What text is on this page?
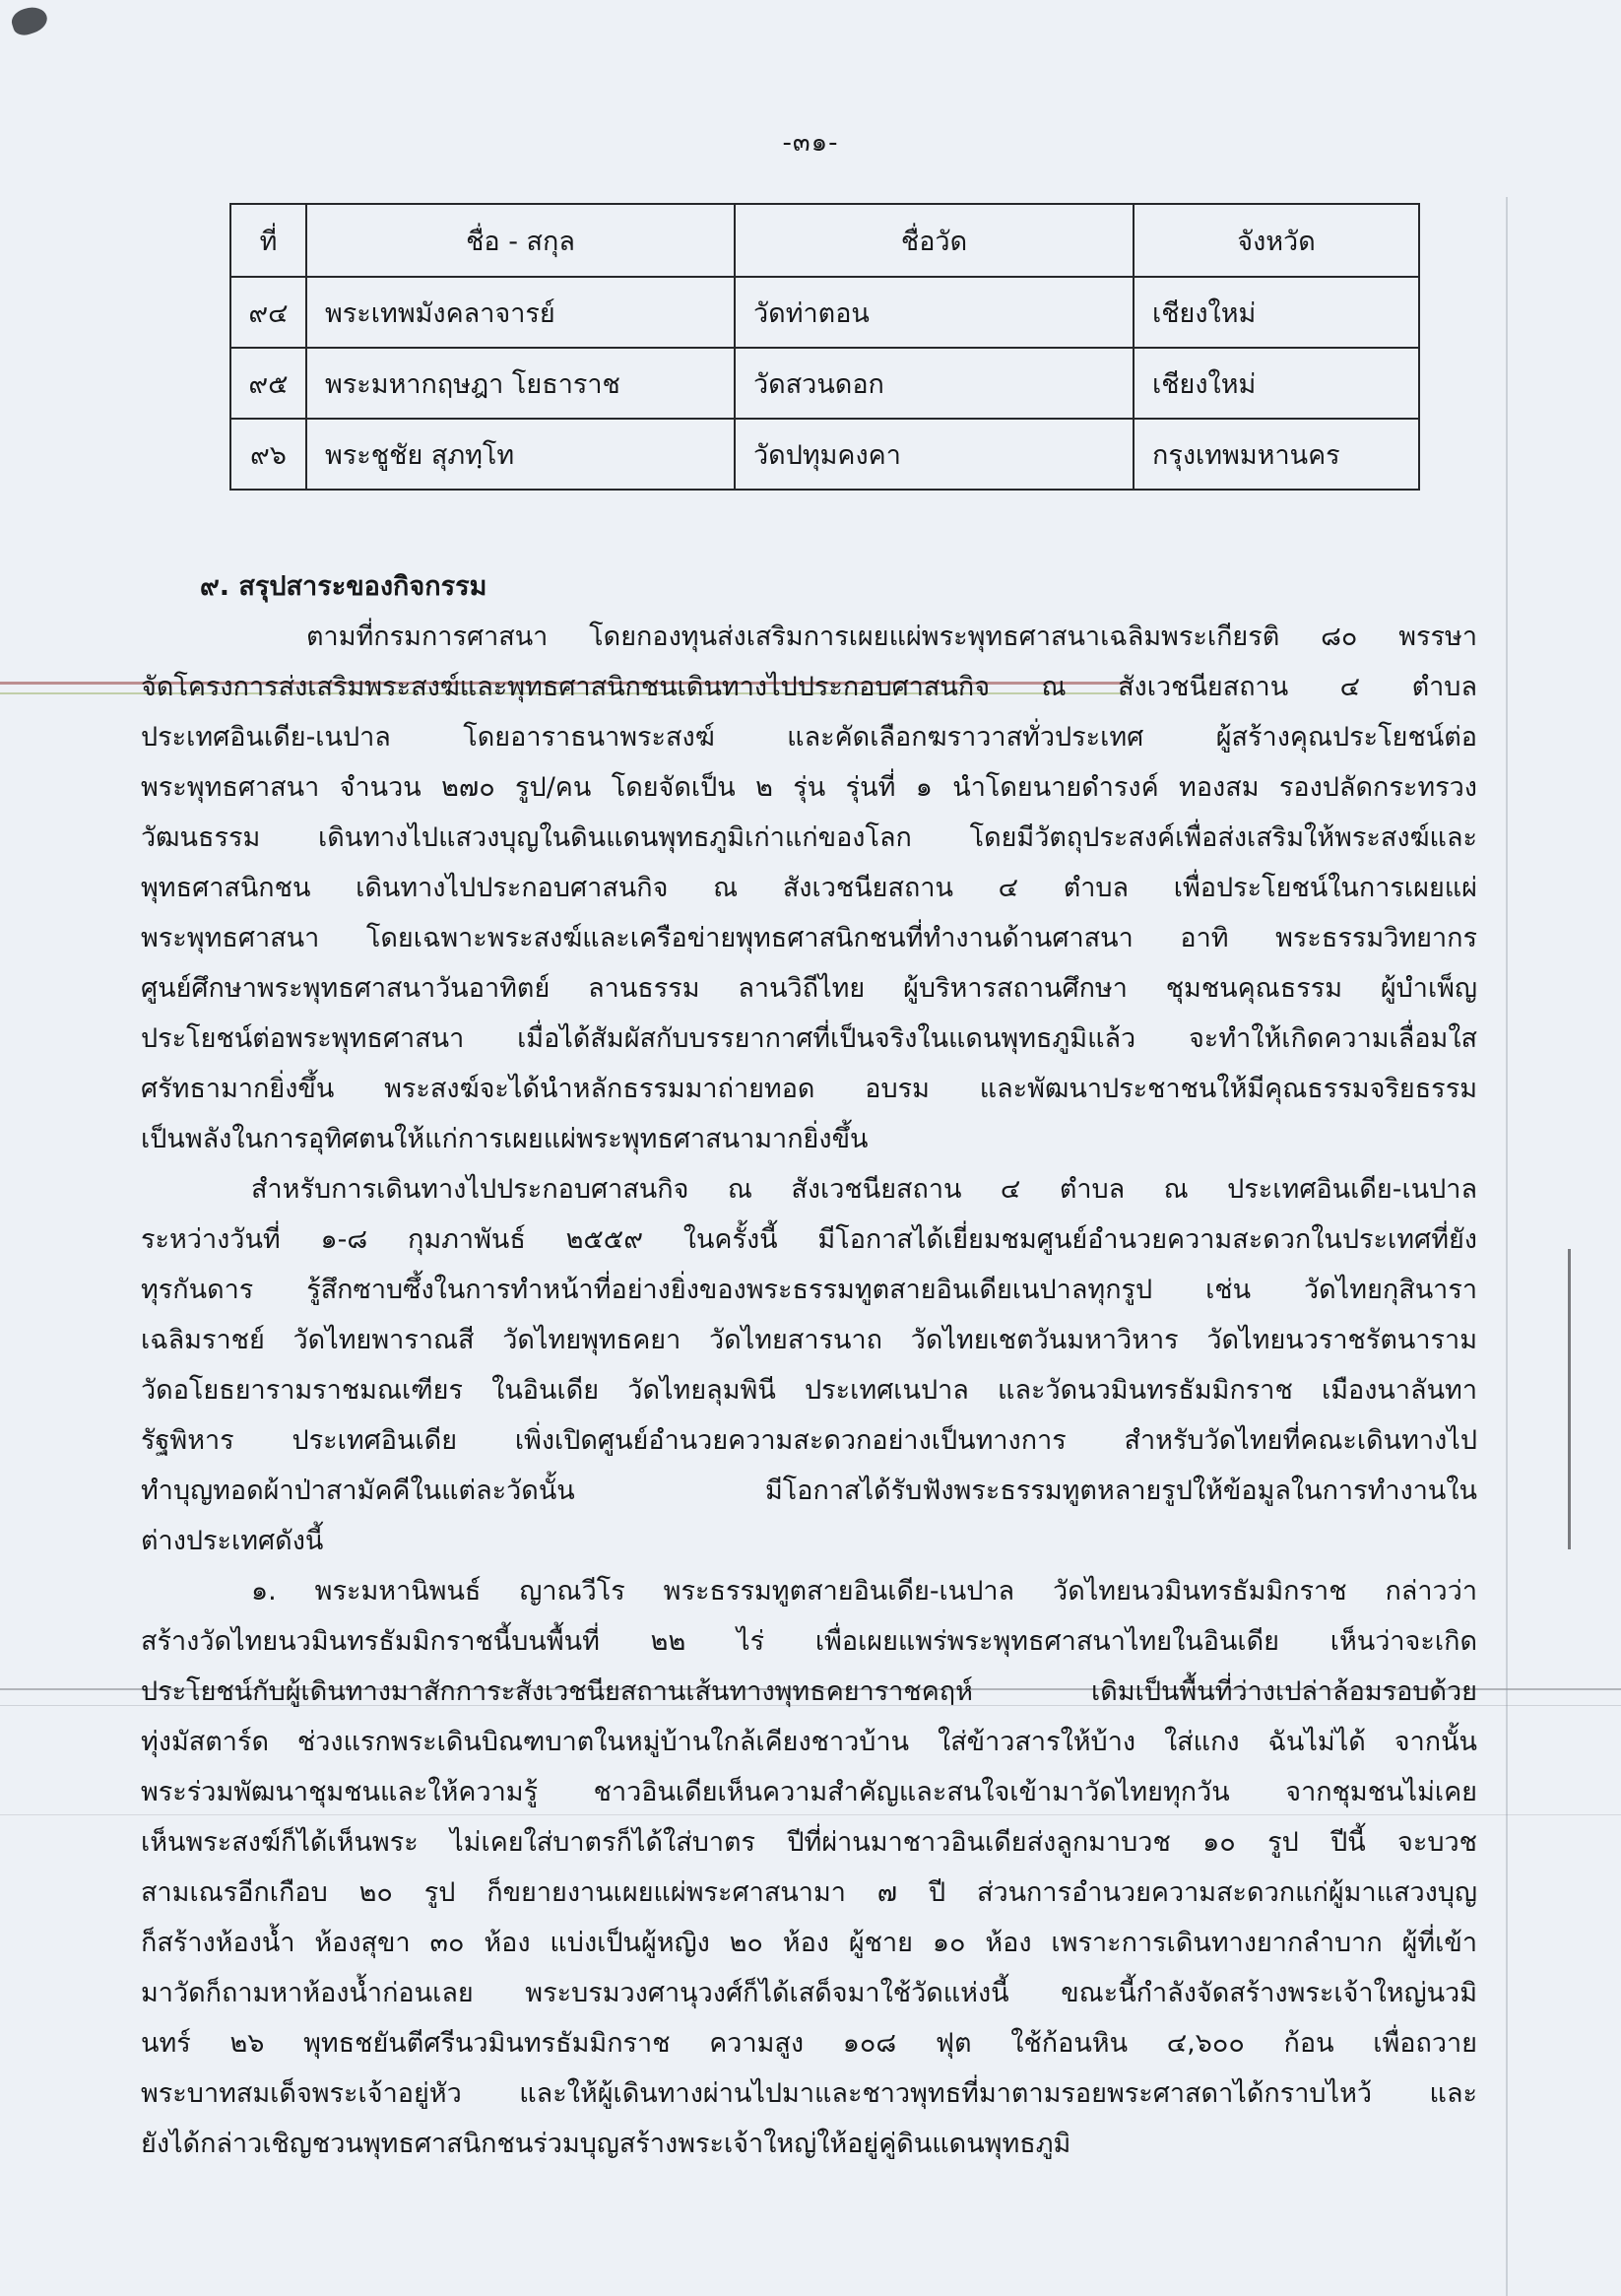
-๓๑-
ที่	ชื่อ - สกุล	ชื่อวัด	จังหวัด
๙๔	พระเทพมังคลาจารย์	วัดท่าตอน	เชียงใหม่
๙๕	พระมหากฤษฎา โยธาราช	วัดสวนดอก	เชียงใหม่
๙๖	พระชูชัย สุภทฺโท	วัดปทุมคงคา	กรุงเทพมหานคร
๙. สรุปสาระของกิจกรรม
ตามที่กรมการศาสนา โดยกองทุนส่งเสริมการเผยแผ่พระพุทธศาสนาเฉลิมพระเกียรติ ๘๐ พรรษา
จัดโครงการส่งเสริมพระสงฆ์และพุทธศาสนิกชนเดินทางไปประกอบศาสนกิจ ณ สังเวชนียสถาน ๔ ตำบล
ประเทศอินเดีย-เนปาล โดยอาราธนาพระสงฆ์ และคัดเลือกฆราวาสทั่วประเทศ ผู้สร้างคุณประโยชน์ต่อ
พระพุทธศาสนา จำนวน ๒๗๐ รูป/คน โดยจัดเป็น ๒ รุ่น รุ่นที่ ๑ นำโดยนายดำรงค์ ทองสม รองปลัดกระทรวง
วัฒนธรรม เดินทางไปแสวงบุญในดินแดนพุทธภูมิเก่าแก่ของโลก โดยมีวัตถุประสงค์เพื่อส่งเสริมให้พระสงฆ์และ
พุทธศาสนิกชน เดินทางไปประกอบศาสนกิจ ณ สังเวชนียสถาน ๔ ตำบล เพื่อประโยชน์ในการเผยแผ่
พระพุทธศาสนา โดยเฉพาะพระสงฆ์และเครือข่ายพุทธศาสนิกชนที่ทำงานด้านศาสนา อาทิ พระธรรมวิทยากร
ศูนย์ศึกษาพระพุทธศาสนาวันอาทิตย์ ลานธรรม ลานวิถีไทย ผู้บริหารสถานศึกษา ชุมชนคุณธรรม ผู้บำเพ็ญ
ประโยชน์ต่อพระพุทธศาสนา เมื่อได้สัมผัสกับบรรยากาศที่เป็นจริงในแดนพุทธภูมิแล้ว จะทำให้เกิดความเลื่อมใส
ศรัทธามากยิ่งขึ้น พระสงฆ์จะได้นำหลักธรรมมาถ่ายทอด อบรม และพัฒนาประชาชนให้มีคุณธรรมจริยธรรม
เป็นพลังในการอุทิศตนให้แก่การเผยแผ่พระพุทธศาสนามากยิ่งขึ้น
สำหรับการเดินทางไปประกอบศาสนกิจ ณ สังเวชนียสถาน ๔ ตำบล ณ ประเทศอินเดีย-เนปาล
ระหว่างวันที่ ๑-๘ กุมภาพันธ์ ๒๕๕๙ ในครั้งนี้ มีโอกาสได้เยี่ยมชมศูนย์อำนวยความสะดวกในประเทศที่ยัง
ทุรกันดาร รู้สึกซาบซึ้งในการทำหน้าที่อย่างยิ่งของพระธรรมทูตสายอินเดียเนปาลทุกรูป เช่น วัดไทยกุสินารา
เฉลิมราชย์ วัดไทยพาราณสี วัดไทยพุทธคยา วัดไทยสารนาถ วัดไทยเชตวันมหาวิหาร วัดไทยนวราชรัตนาราม
วัดอโยธยารามราชมณเฑียร ในอินเดีย วัดไทยลุมพินี ประเทศเนปาล และวัดนวมินทรธัมมิกราช เมืองนาลันทา
รัฐพิหาร ประเทศอินเดีย เพิ่งเปิดศูนย์อำนวยความสะดวกอย่างเป็นทางการ สำหรับวัดไทยที่คณะเดินทางไป
ทำบุญทอดผ้าป่าสามัคคีในแต่ละวัดนั้น มีโอกาสได้รับฟังพระธรรมทูตหลายรูปให้ข้อมูลในการทำงานใน
ต่างประเทศดังนี้
๑. พระมหานิพนธ์ ญาณวีโร พระธรรมทูตสายอินเดีย-เนปาล วัดไทยนวมินทรธัมมิกราช กล่าวว่า
สร้างวัดไทยนวมินทรธัมมิกราชนี้บนพื้นที่ ๒๒ ไร่ เพื่อเผยแพร่พระพุทธศาสนาไทยในอินเดีย เห็นว่าจะเกิด
ประโยชน์กับผู้เดินทางมาสักการะสังเวชนียสถานเส้นทางพุทธคยาราชคฤห์ เดิมเป็นพื้นที่ว่างเปล่าล้อมรอบด้วย
ทุ่งมัสตาร์ด ช่วงแรกพระเดินบิณฑบาตในหมู่บ้านใกล้เคียงชาวบ้าน ใส่ข้าวสารให้บ้าง ใส่แกง ฉันไม่ได้ จากนั้น
พระร่วมพัฒนาชุมชนและให้ความรู้ ชาวอินเดียเห็นความสำคัญและสนใจเข้ามาวัดไทยทุกวัน จากชุมชนไม่เคย
เห็นพระสงฆ์ก็ได้เห็นพระ ไม่เคยใส่บาตรก็ได้ใส่บาตร ปีที่ผ่านมาชาวอินเดียส่งลูกมาบวช ๑๐ รูป ปีนี้ จะบวช
สามเณรอีกเกือบ ๒๐ รูป ก็ขยายงานเผยแผ่พระศาสนามา ๗ ปี ส่วนการอำนวยความสะดวกแก่ผู้มาแสวงบุญ
ก็สร้างห้องน้ำ ห้องสุขา ๓๐ ห้อง แบ่งเป็นผู้หญิง ๒๐ ห้อง ผู้ชาย ๑๐ ห้อง เพราะการเดินทางยากลำบาก ผู้ที่เข้า
มาวัดก็ถามหาห้องน้ำก่อนเลย พระบรมวงศานุวงศ์ก็ได้เสด็จมาใช้วัดแห่งนี้ ขณะนี้กำลังจัดสร้างพระเจ้าใหญ่นวมิ
นทร์ ๒๖ พุทธชยันตีศรีนวมินทรธัมมิกราช ความสูง ๑๐๘ ฟุต ใช้ก้อนหิน ๔,๖๐๐ ก้อน เพื่อถวาย
พระบาทสมเด็จพระเจ้าอยู่หัว และให้ผู้เดินทางผ่านไปมาและชาวพุทธที่มาตามรอยพระศาสดาได้กราบไหว้ และ
ยังได้กล่าวเชิญชวนพุทธศาสนิกชนร่วมบุญสร้างพระเจ้าใหญ่ให้อยู่คู่ดินแดนพุทธภูมิ
